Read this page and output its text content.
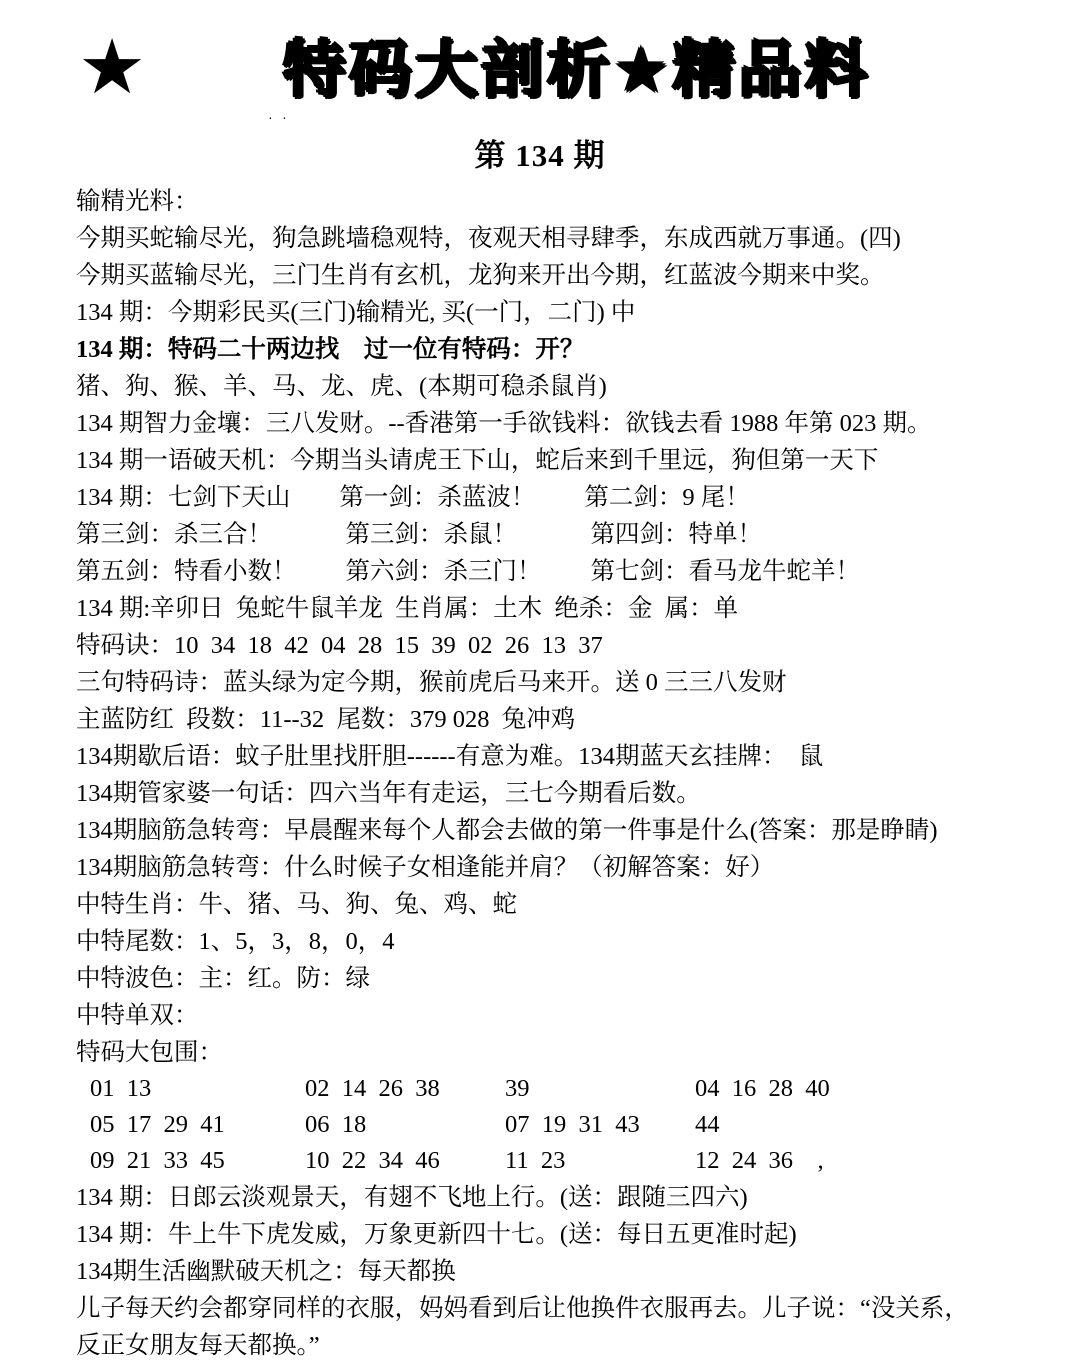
★ 特码大剖析★精品料
· ·
第 134 期
输精光料：
今期买蛇输尽光，狗急跳墙稳观特，夜观天相寻肆季，东成西就万事通。(四)
今期买蓝输尽光，三门生肖有玄机，龙狗来开出今期，红蓝波今期来中奖。
134 期：今期彩民买(三门)输精光, 买(一门，二门) 中
134 期：特码二十两边找    过一位有特码：开？
猪、狗、猴、羊、马、龙、虎、(本期可稳杀鼠肖)
134 期智力金壤：三八发财。--香港第一手欲钱料：欲钱去看 1988 年第 023 期。
134 期一语破天机：今期当头请虎王下山，蛇后来到千里远，狗但第一天下
134 期：七剑下天山        第一剑：杀蓝波！        第二剑：9 尾！
第三剑：杀三合！            第三剑：杀鼠！            第四剑：特单！
第五剑：特看小数！        第六剑：杀三门！        第七剑：看马龙牛蛇羊！
134 期:辛卯日  兔蛇牛鼠羊龙  生肖属：土木  绝杀：金  属：单
特码诀：10  34  18  42  04  28  15  39  02  26  13  37
三句特码诗：蓝头绿为定今期，猴前虎后马来开。送 0 三三八发财
主蓝防红  段数：11--32  尾数：379 028  兔冲鸡
134期歇后语：蚊子肚里找肝胆------有意为难。134期蓝天玄挂牌：  鼠
134期管家婆一句话：四六当年有走运，三七今期看后数。
134期脑筋急转弯：早晨醒来每个人都会去做的第一件事是什么(答案：那是睁睛)
134期脑筋急转弯：什么时候子女相逢能并肩？（初解答案：好）
中特生肖：牛、猪、马、狗、兔、鸡、蛇
中特尾数：1、5，3，8，0，4
中特波色：主：红。防：绿
中特单双：
特码大包围：
01  13	02  14  26  38	39	04  16  28  40
05  17  29  41	06  18	07  19  31  43	44
09  21  33  45	10  22  34  46	11  23	12  24  36    ,
134 期：日郎云淡观景天，有翅不飞地上行。(送：跟随三四六)
134 期：牛上牛下虎发威，万象更新四十七。(送：每日五更准时起)
134期生活幽默破天机之：每天都换
儿子每天约会都穿同样的衣服，妈妈看到后让他换件衣服再去。儿子说：“没关系，
反正女朋友每天都换。”
